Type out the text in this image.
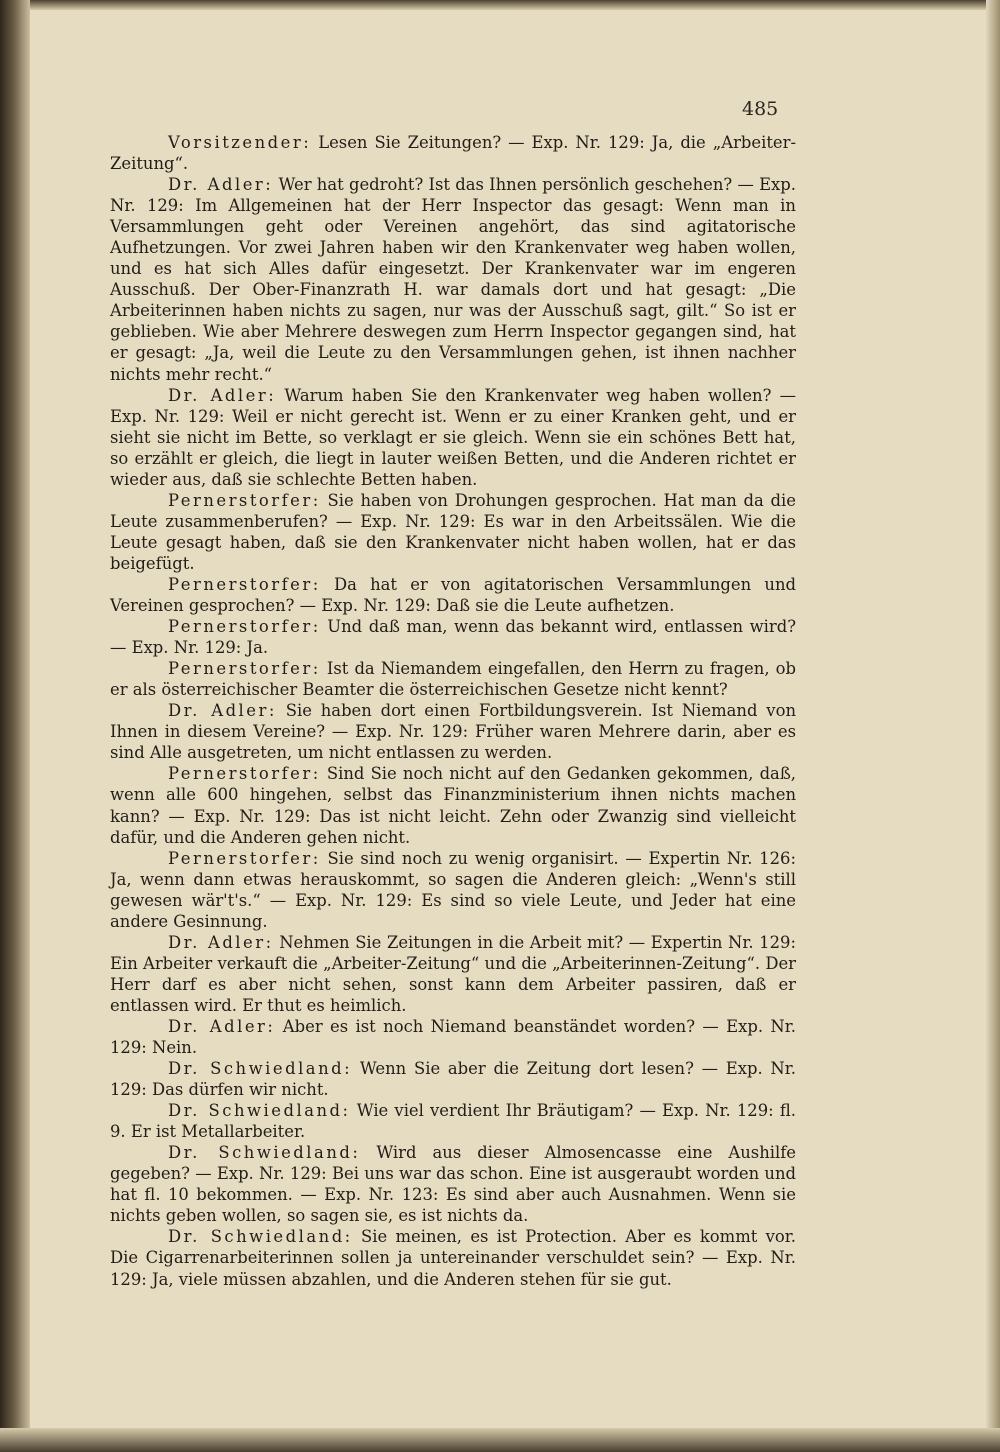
485

Vorsitzender: Lesen Sie Zeitungen? — Exp. Nr. 129: Ja, die „Arbeiter-Zeitung“.

Dr. Adler: Wer hat gedroht? Ist das Ihnen persönlich geschehen? — Exp. Nr. 129: Im Allgemeinen hat der Herr Inspector das gesagt: Wenn man in Versammlungen geht oder Vereinen angehört, das sind agitatorische Aufhetzungen. Vor zwei Jahren haben wir den Krankenvater weg haben wollen, und es hat sich Alles dafür eingesetzt. Der Krankenvater war im engeren Ausschuß. Der Ober-Finanzrath H. war damals dort und hat gesagt: „Die Arbeiterinnen haben nichts zu sagen, nur was der Ausschuß sagt, gilt.“ So ist er geblieben. Wie aber Mehrere deswegen zum Herrn Inspector gegangen sind, hat er gesagt: „Ja, weil die Leute zu den Versammlungen gehen, ist ihnen nachher nichts mehr recht.“

Dr. Adler: Warum haben Sie den Krankenvater weg haben wollen? — Exp. Nr. 129: Weil er nicht gerecht ist. Wenn er zu einer Kranken geht, und er sieht sie nicht im Bette, so verklagt er sie gleich. Wenn sie ein schönes Bett hat, so erzählt er gleich, die liegt in lauter weißen Betten, und die Anderen richtet er wieder aus, daß sie schlechte Betten haben.

Pernerstorfer: Sie haben von Drohungen gesprochen. Hat man da die Leute zusammenberufen? — Exp. Nr. 129: Es war in den Arbeitssälen. Wie die Leute gesagt haben, daß sie den Krankenvater nicht haben wollen, hat er das beigefügt.

Pernerstorfer: Da hat er von agitatorischen Versammlungen und Vereinen gesprochen? — Exp. Nr. 129: Daß sie die Leute aufhetzen.

Pernerstorfer: Und daß man, wenn das bekannt wird, entlassen wird? — Exp. Nr. 129: Ja.

Pernerstorfer: Ist da Niemandem eingefallen, den Herrn zu fragen, ob er als österreichischer Beamter die österreichischen Gesetze nicht kennt?

Dr. Adler: Sie haben dort einen Fortbildungsverein. Ist Niemand von Ihnen in diesem Vereine? — Exp. Nr. 129: Früher waren Mehrere darin, aber es sind Alle ausgetreten, um nicht entlassen zu werden.

Pernerstorfer: Sind Sie noch nicht auf den Gedanken gekommen, daß, wenn alle 600 hingehen, selbst das Finanzministerium ihnen nichts machen kann? — Exp. Nr. 129: Das ist nicht leicht. Zehn oder Zwanzig sind vielleicht dafür, und die Anderen gehen nicht.

Pernerstorfer: Sie sind noch zu wenig organisirt. — Expertin Nr. 126: Ja, wenn dann etwas herauskommt, so sagen die Anderen gleich: „Wenn's still gewesen wär't's.“ — Exp. Nr. 129: Es sind so viele Leute, und Jeder hat eine andere Gesinnung.

Dr. Adler: Nehmen Sie Zeitungen in die Arbeit mit? — Expertin Nr. 129: Ein Arbeiter verkauft die „Arbeiter-Zeitung“ und die „Arbeiterinnen-Zeitung“. Der Herr darf es aber nicht sehen, sonst kann dem Arbeiter passiren, daß er entlassen wird. Er thut es heimlich.

Dr. Adler: Aber es ist noch Niemand beanständet worden? — Exp. Nr. 129: Nein.

Dr. Schwiedland: Wenn Sie aber die Zeitung dort lesen? — Exp. Nr. 129: Das dürfen wir nicht.

Dr. Schwiedland: Wie viel verdient Ihr Bräutigam? — Exp. Nr. 129: fl. 9. Er ist Metallarbeiter.

Dr. Schwiedland: Wird aus dieser Almosencasse eine Aushilfe gegeben? — Exp. Nr. 129: Bei uns war das schon. Eine ist ausgeraubt worden und hat fl. 10 bekommen. — Exp. Nr. 123: Es sind aber auch Ausnahmen. Wenn sie nichts geben wollen, so sagen sie, es ist nichts da.

Dr. Schwiedland: Sie meinen, es ist Protection. Aber es kommt vor. Die Cigarrenarbeiterinnen sollen ja untereinander verschuldet sein? — Exp. Nr. 129: Ja, viele müssen abzahlen, und die Anderen stehen für sie gut.
